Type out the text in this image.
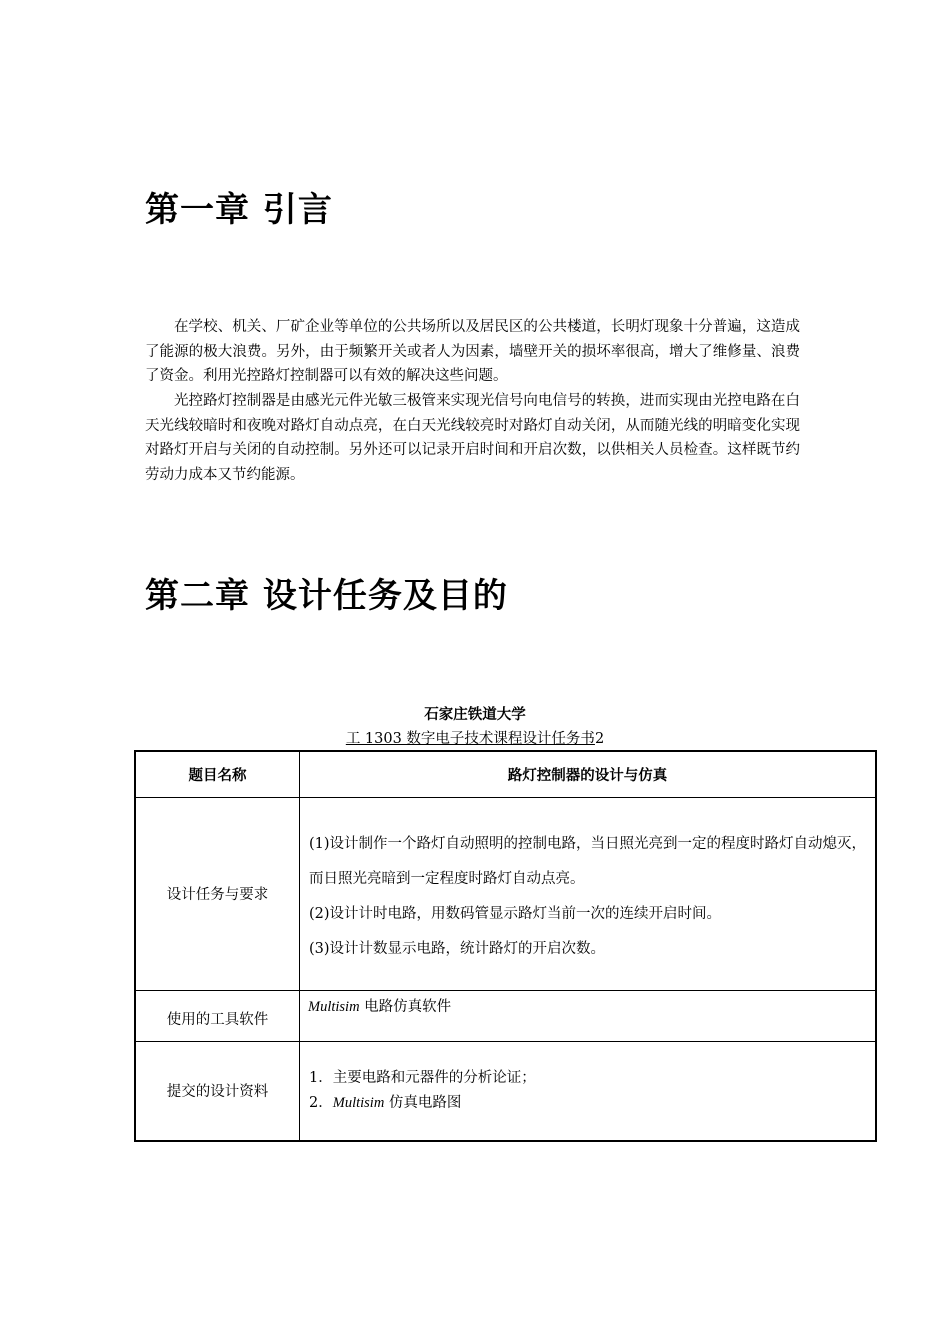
第一章 引言

在学校、机关、厂矿企业等单位的公共场所以及居民区的公共楼道，长明灯现象十分普遍，这造成了能源的极大浪费。另外，由于频繁开关或者人为因素，墙壁开关的损坏率很高，增大了维修量、浪费了资金。利用光控路灯控制器可以有效的解决这些问题。

光控路灯控制器是由感光元件光敏三极管来实现光信号向电信号的转换，进而实现由光控电路在白天光线较暗时和夜晚对路灯自动点亮，在白天光线较亮时对路灯自动关闭，从而随光线的明暗变化实现对路灯开启与关闭的自动控制。另外还可以记录开启时间和开启次数，以供相关人员检查。这样既节约劳动力成本又节约能源。

第二章 设计任务及目的
石家庄铁道大学
工 1303 数字电子技术课程设计任务书2
题目名称	路灯控制器的设计与仿真
设计任务与要求	(1)设计制作一个路灯自动照明的控制电路，当日照光亮到一定的程度时路灯自动熄灭，而日照光亮暗到一定程度时路灯自动点亮。

(2)设计计时电路，用数码管显示路灯当前一次的连续开启时间。

(3)设计计数显示电路，统计路灯的开启次数。

使用的工具软件	Multisim 电路仿真软件
提交的设计资料	1．主要电路和元器件的分析论证；

2．Multisim 仿真电路图
